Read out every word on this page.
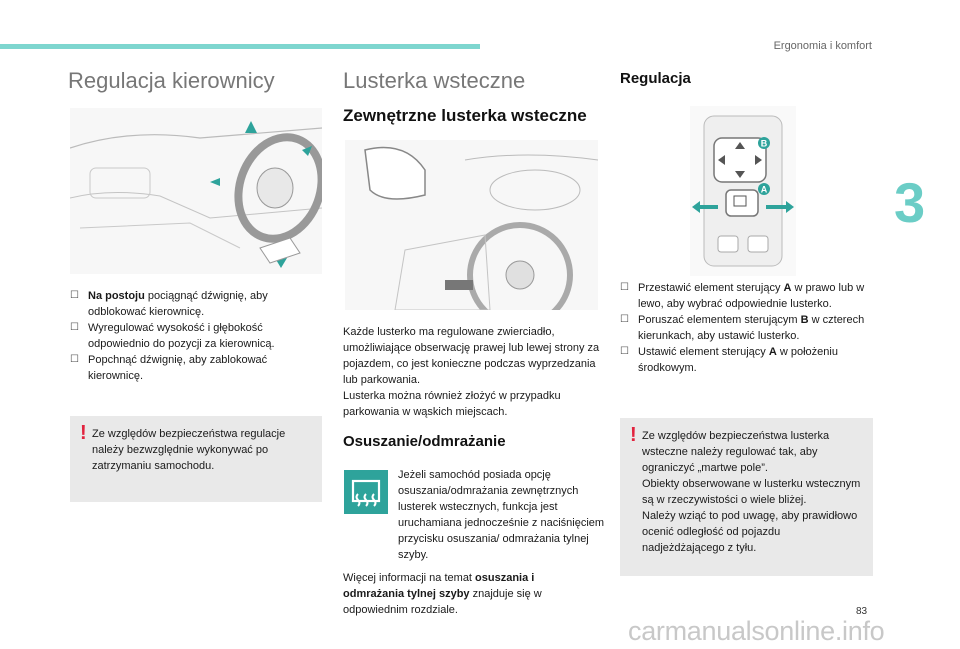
Ergonomia i komfort
3
Regulacja kierownicy
☐ Na postoju pociągnąć dźwignię, aby odblokować kierownicę.
☐ Wyregulować wysokość i głębokość odpowiednio do pozycji za kierownicą.
☐ Popchnąć dźwignię, aby zablokować kierownicę.
! Ze względów bezpieczeństwa regulacje należy bezwzględnie wykonywać po zatrzymaniu samochodu.
Lusterka wsteczne
Zewnętrzne lusterka wsteczne
Każde lusterko ma regulowane zwierciadło, umożliwiające obserwację prawej lub lewej strony za pojazdem, co jest konieczne podczas wyprzedzania lub parkowania.
Lusterka można również złożyć w przypadku parkowania w wąskich miejscach.
Osuszanie/odmrażanie
Jeżeli samochód posiada opcję osuszania/odmrażania zewnętrznych lusterek wstecznych, funkcja jest uruchamiana jednocześnie z naciśnięciem przycisku osuszania/ odmrażania tylnej szyby.
Więcej informacji na temat osuszania i odmrażania tylnej szyby znajduje się w odpowiednim rozdziale.
Regulacja
B
A
☐ Przestawić element sterujący A w prawo lub w lewo, aby wybrać odpowiednie lusterko.
☐ Poruszać elementem sterującym B w czterech kierunkach, aby ustawić lusterko.
☐ Ustawić element sterujący A w położeniu środkowym.
! Ze względów bezpieczeństwa lusterka wsteczne należy regulować tak, aby ograniczyć „martwe pole”.
Obiekty obserwowane w lusterku wstecznym są w rzeczywistości o wiele bliżej.
Należy wziąć to pod uwagę, aby prawidłowo ocenić odległość od pojazdu nadjeżdżającego z tyłu.
83
carmanualsonline.info
